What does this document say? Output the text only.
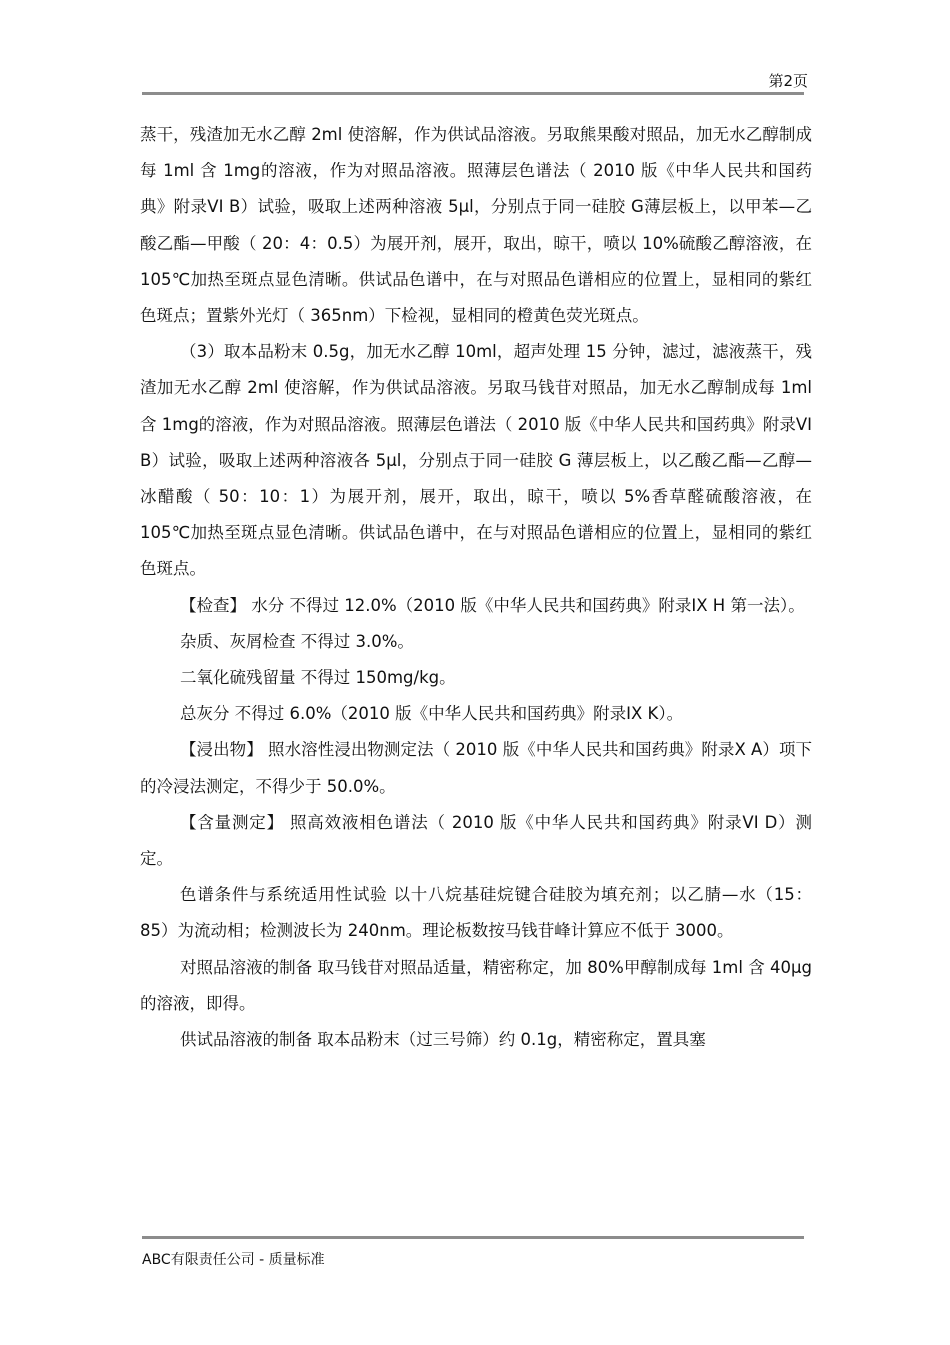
第2页

蒸干，残渣加无水乙醇 2ml 使溶解，作为供试品溶液。另取熊果酸对照品，加无水乙醇制成每 1ml 含 1mg的溶液，作为对照品溶液。照薄层色谱法（ 2010 版《中华人民共和国药典》附录VI B）试验，吸取上述两种溶液 5μl，分别点于同一硅胶 G薄层板上，以甲苯—乙酸乙酯—甲酸（ 20：4：0.5）为展开剂，展开，取出，晾干，喷以 10%硫酸乙醇溶液，在 105℃加热至斑点显色清晰。供试品色谱中，在与对照品色谱相应的位置上，显相同的紫红色斑点；置紫外光灯（ 365nm）下检视，显相同的橙黄色荧光斑点。

（3）取本品粉末 0.5g，加无水乙醇 10ml，超声处理 15 分钟，滤过，滤液蒸干，残渣加无水乙醇 2ml 使溶解，作为供试品溶液。另取马钱苷对照品，加无水乙醇制成每 1ml 含 1mg的溶液，作为对照品溶液。照薄层色谱法（ 2010 版《中华人民共和国药典》附录VI B）试验，吸取上述两种溶液各 5μl，分别点于同一硅胶 G 薄层板上，以乙酸乙酯—乙醇—冰醋酸（ 50：10：1）为展开剂，展开，取出，晾干，喷以 5%香草醛硫酸溶液，在 105℃加热至斑点显色清晰。供试品色谱中，在与对照品色谱相应的位置上，显相同的紫红色斑点。

【检查】 水分 不得过 12.0%（2010 版《中华人民共和国药典》附录IX H 第一法）。

杂质、灰屑检查 不得过 3.0%。

二氧化硫残留量 不得过 150mg/kg。

总灰分 不得过 6.0%（2010 版《中华人民共和国药典》附录IX K）。

【浸出物】 照水溶性浸出物测定法（ 2010 版《中华人民共和国药典》附录X A）项下的冷浸法测定，不得少于 50.0%。

【含量测定】 照高效液相色谱法（ 2010 版《中华人民共和国药典》附录VI D）测定。

色谱条件与系统适用性试验 以十八烷基硅烷键合硅胶为填充剂；以乙腈—水（15：85）为流动相；检测波长为 240nm。理论板数按马钱苷峰计算应不低于 3000。

对照品溶液的制备 取马钱苷对照品适量，精密称定，加 80%甲醇制成每 1ml 含 40μg的溶液，即得。

供试品溶液的制备 取本品粉末（过三号筛）约 0.1g，精密称定，置具塞

ABC有限责任公司 - 质量标准
